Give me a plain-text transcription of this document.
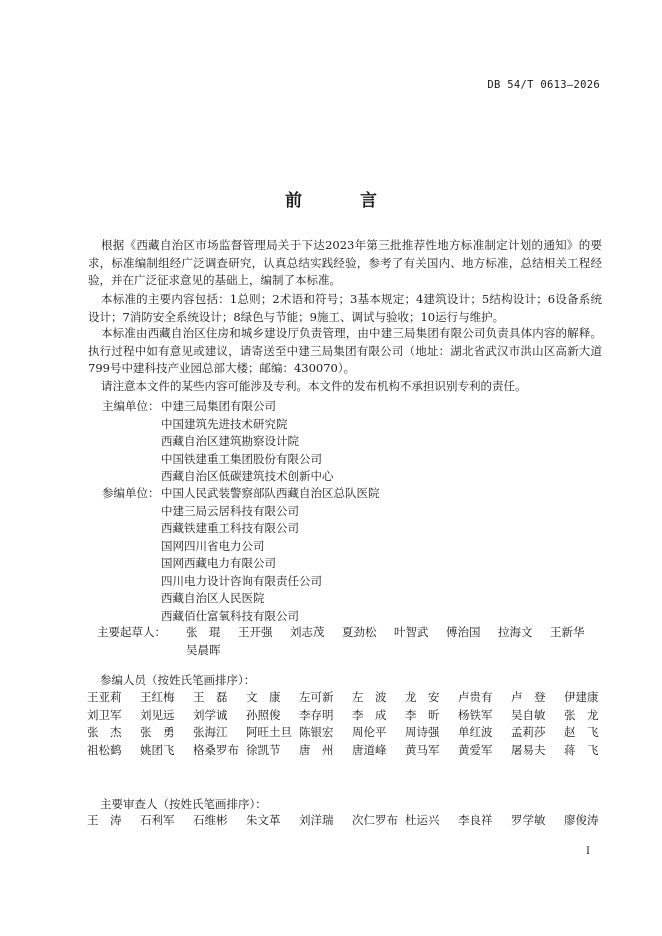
DB 54/T 0613—2026
前 言

根据《西藏自治区市场监督管理局关于下达2023年第三批推荐性地方标准制定计划的通知》的要求，标准编制组经广泛调查研究，认真总结实践经验，参考了有关国内、地方标准，总结相关工程经验，并在广泛征求意见的基础上，编制了本标准。

本标准的主要内容包括：1总则；2术语和符号；3基本规定；4建筑设计；5结构设计；6设备系统设计；7消防安全系统设计；8绿色与节能；9施工、调试与验收；10运行与维护。

本标准由西藏自治区住房和城乡建设厅负责管理，由中建三局集团有限公司负责具体内容的解释。执行过程中如有意见或建议，请寄送至中建三局集团有限公司（地址：湖北省武汉市洪山区高新大道799号中建科技产业园总部大楼；邮编：430070）。

请注意本文件的某些内容可能涉及专利。本文件的发布机构不承担识别专利的责任。

主编单位： 中建三局集团有限公司
中国建筑先进技术研究院
西藏自治区建筑勘察设计院
中国铁建重工集团股份有限公司
西藏自治区低碳建筑技术创新中心
参编单位： 中国人民武装警察部队西藏自治区总队医院
中建三局云居科技有限公司
西藏铁建重工科技有限公司
国网四川省电力公司
国网西藏电力有限公司
四川电力设计咨询有限责任公司
西藏自治区人民医院
西藏佰仕富氧科技有限公司
主要起草人： 张　琨	王开强	刘志茂	夏劲松	叶智武	傅治国	拉海文	王新华
吴晨晖
参编人员（按姓氏笔画排序）：
王亚莉	王红梅	王　磊	文　康	左可新	左　波	龙　安	卢贵有	卢　登	伊建康
刘卫军	刘见远	刘学诚	孙照俊	李存明	李　成	李　昕	杨铁军	吴自敏	张　龙
张　杰	张　勇	张海江	阿旺土旦 陈银宏	周伦平	周诗强	单红波	孟莉莎	赵　飞
祖松鹤	姚团飞	格桑罗布 徐凯节	唐　州	唐道峰	黄马军	黄爱军	屠易夫	蒋　飞
主要审查人（按姓氏笔画排序）：
王　涛	石利军	石维彬	朱文革	刘洋瑞	次仁罗布 杜运兴	李良祥	罗学敏	廖俊涛
I
